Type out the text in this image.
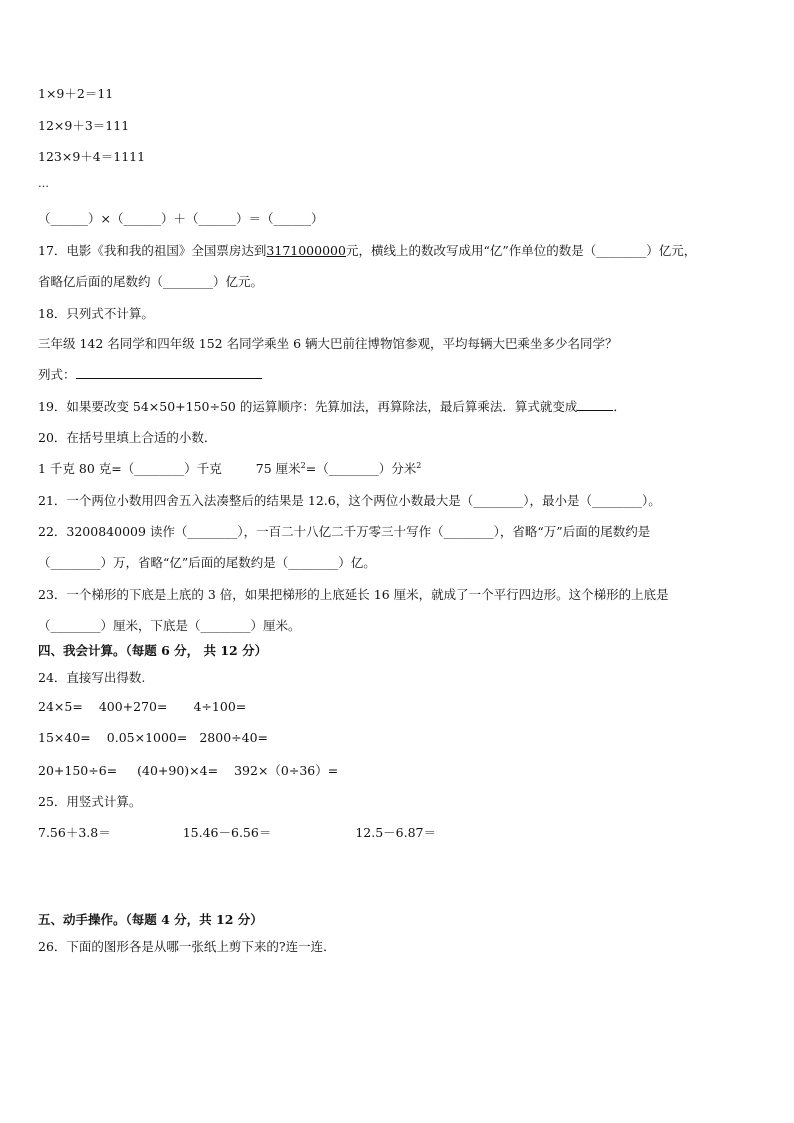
1×9＋2＝11
12×9＋3＝111
123×9＋4＝1111
…
（______）×（______）＋（______）＝（______）
17．电影《我和我的祖国》全国票房达到3171000000元，横线上的数改写成用“亿”作单位的数是（________）亿元，
省略亿后面的尾数约（________）亿元。
18．只列式不计算。
三年级 142 名同学和四年级 152 名同学乘坐 6 辆大巴前往博物馆参观，平均每辆大巴乘坐多少名同学？
列式：
19．如果要改变 54×50+150÷50 的运算顺序：先算加法，再算除法，最后算乘法．算式就变成	．
20．在括号里填上合适的小数．
1 千克 80 克=（________）千克	75 厘米$^2$=（________）分米$^2$
21．一个两位小数用四舍五入法凑整后的结果是 12.6，这个两位小数最大是（________），最小是（________）。
22．3200840009 读作（________），一百二十八亿二千万零三十写作（________），省略“万”后面的尾数约是
（________）万，省略“亿”后面的尾数约是（________）亿。
23．一个梯形的下底是上底的 3 倍，如果把梯形的上底延长 16 厘米，就成了一个平行四边形。这个梯形的上底是
（________）厘米，下底是（________）厘米。
四、我会计算。（每题 6 分， 共 12 分）
24．直接写出得数.
24×5= 400+270= 4÷100=
15×40= 0.05×1000= 2800÷40=
20+150÷6= (40+90)×4= 392×（0÷36）=
25．用竖式计算。
7.56＋3.8＝	15.46－6.56＝	12.5－6.87＝
五、动手操作。（每题 4 分，共 12 分）
26．下面的图形各是从哪一张纸上剪下来的?连一连．
